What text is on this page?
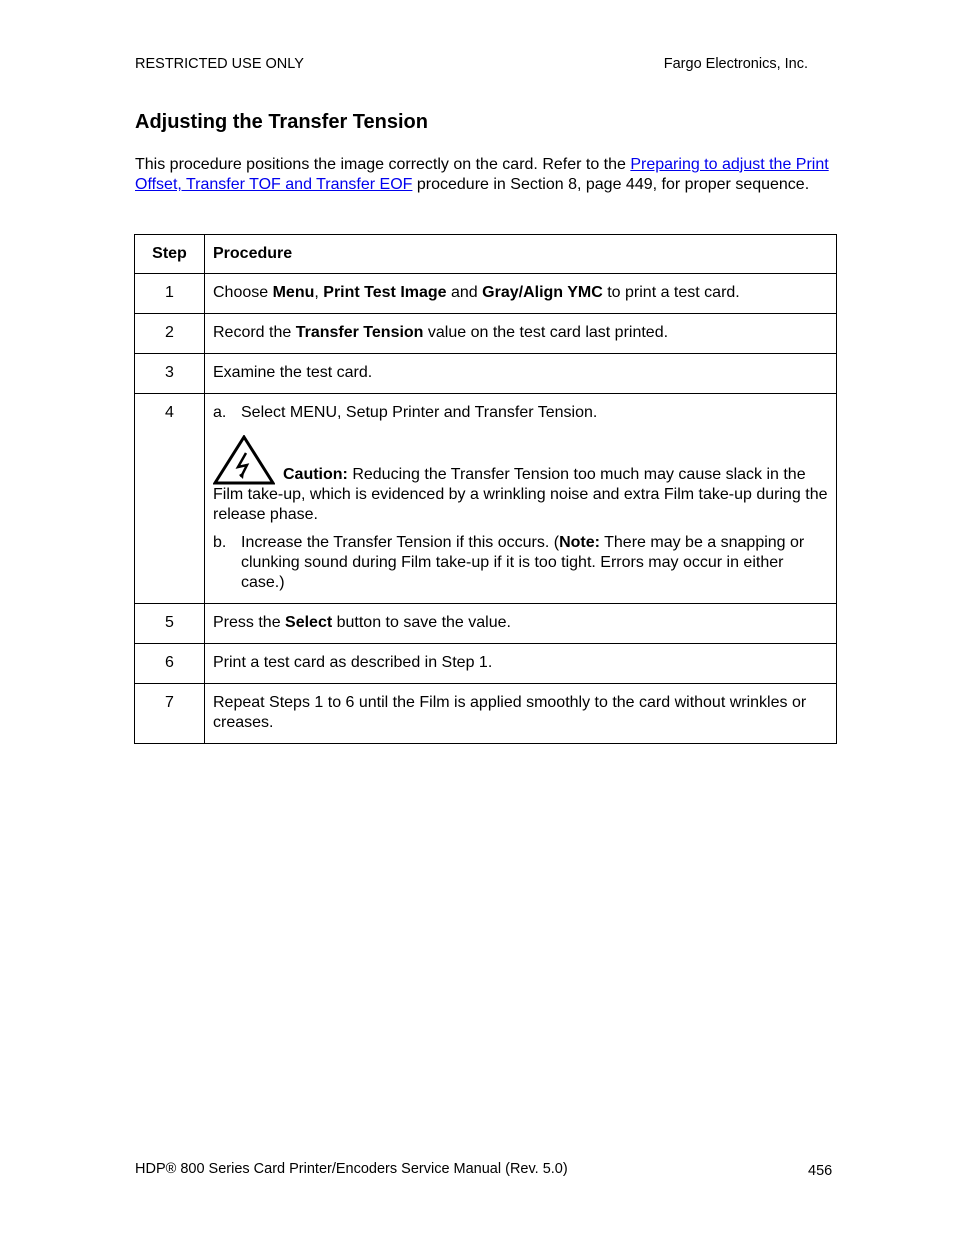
RESTRICTED USE ONLY	Fargo Electronics, Inc.
Adjusting the Transfer Tension

This procedure positions the image correctly on the card. Refer to the Preparing to adjust the Print Offset, Transfer TOF and Transfer EOF procedure in Section 8, page 449, for proper sequence.

Step	Procedure
1	Choose Menu, Print Test Image and Gray/Align YMC to print a test card.
2	Record the Transfer Tension value on the test card last printed.
3	Examine the test card.
4	a. Select MENU, Setup Printer and Transfer Tension.
Caution: Reducing the Transfer Tension too much may cause slack in the Film take-up, which is evidenced by a wrinkling noise and extra Film take-up during the release phase.
b. Increase the Transfer Tension if this occurs. (Note: There may be a snapping or clunking sound during Film take-up if it is too tight. Errors may occur in either case.)

5	Press the Select button to save the value.
6	Print a test card as described in Step 1.
7	Repeat Steps 1 to 6 until the Film is applied smoothly to the card without wrinkles or creases.
HDP® 800 Series Card Printer/Encoders Service Manual (Rev. 5.0)	456
